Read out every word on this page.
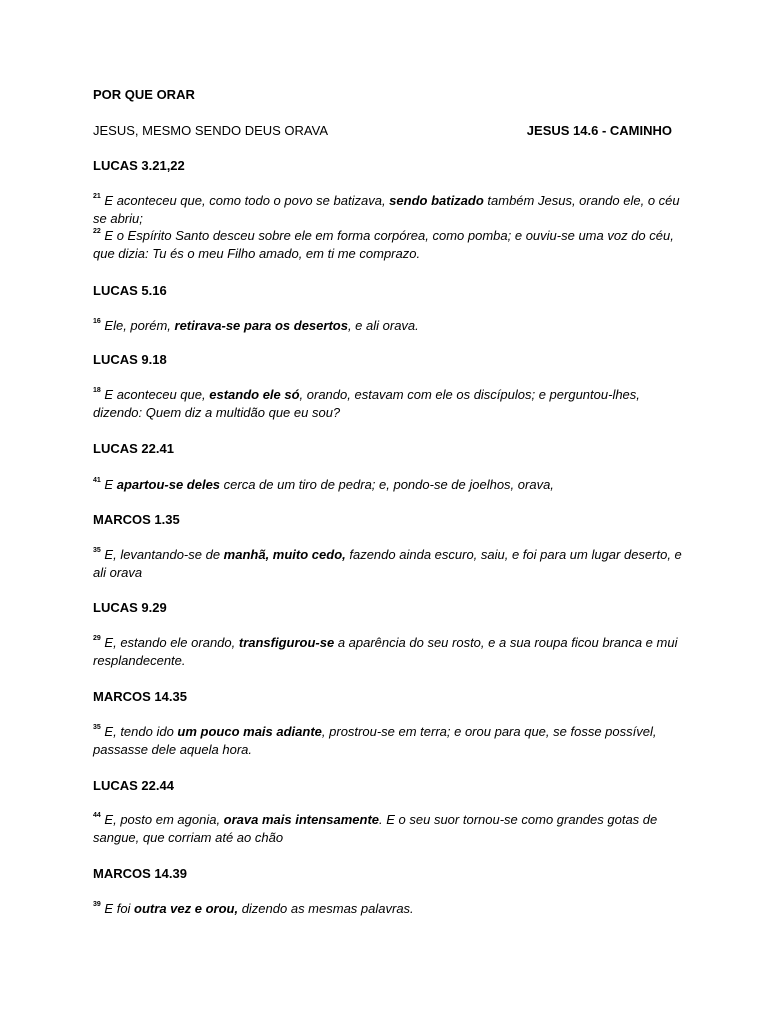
POR QUE ORAR
JESUS, MESMO SENDO DEUS ORAVA	JESUS 14.6 - CAMINHO
LUCAS 3.21,22
$^{21}$ E aconteceu que, como todo o povo se batizava, sendo batizado também Jesus, orando ele, o céu se abriu;
$^{22}$ E o Espírito Santo desceu sobre ele em forma corpórea, como pomba; e ouviu-se uma voz do céu, que dizia: Tu és o meu Filho amado, em ti me comprazo.
LUCAS 5.16
$^{16}$ Ele, porém, retirava-se para os desertos, e ali orava.
LUCAS 9.18
$^{18}$ E aconteceu que, estando ele só, orando, estavam com ele os discípulos; e perguntou-lhes, dizendo: Quem diz a multidão que eu sou?
LUCAS 22.41
$^{41}$ E apartou-se deles cerca de um tiro de pedra; e, pondo-se de joelhos, orava,
MARCOS 1.35
$^{35}$ E, levantando-se de manhã, muito cedo, fazendo ainda escuro, saiu, e foi para um lugar deserto, e ali orava
LUCAS 9.29
$^{29}$ E, estando ele orando, transfigurou-se a aparência do seu rosto, e a sua roupa ficou branca e mui resplandecente.
MARCOS 14.35
$^{35}$ E, tendo ido um pouco mais adiante, prostrou-se em terra; e orou para que, se fosse possível, passasse dele aquela hora.
LUCAS 22.44
$^{44}$ E, posto em agonia, orava mais intensamente. E o seu suor tornou-se como grandes gotas de sangue, que corriam até ao chão
MARCOS 14.39
$^{39}$ E foi outra vez e orou, dizendo as mesmas palavras.
